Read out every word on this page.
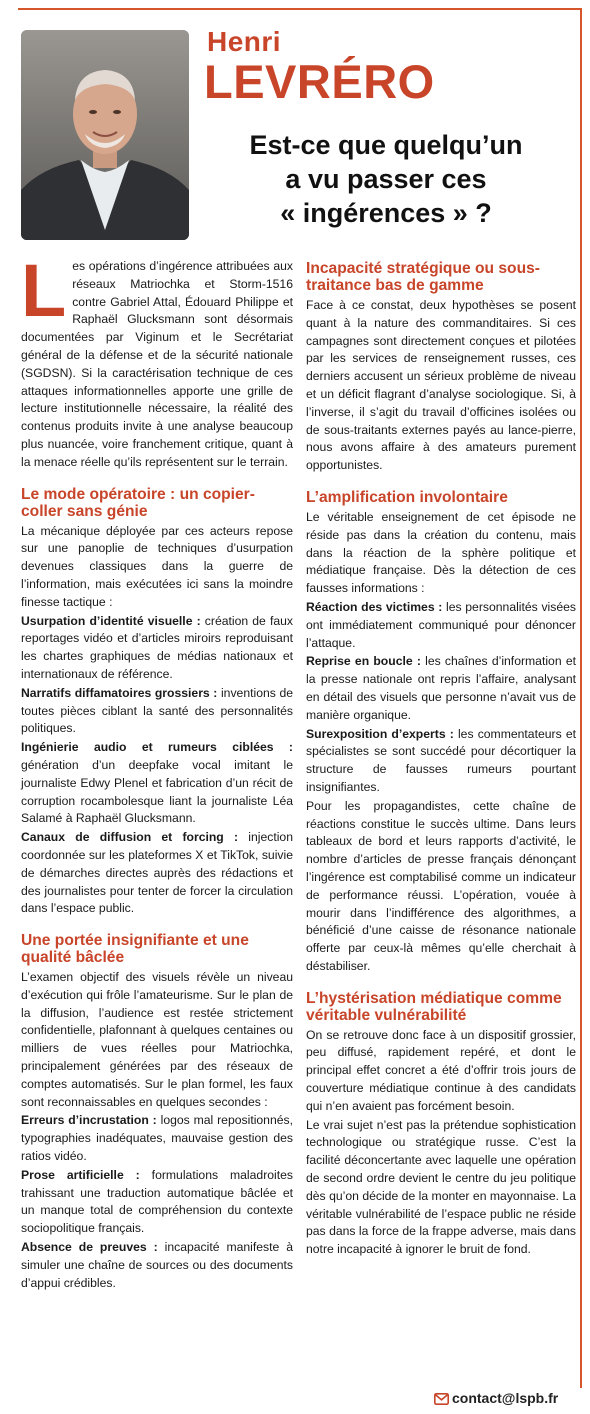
Henri
LEVRÉRO
Est-ce que quelqu’un
a vu passer ces
« ingérences » ?

Les opérations d’ingérence attribuées aux réseaux Matriochka et Storm-1516 contre Gabriel Attal, Édouard Philippe et Raphaël Glucksmann sont désormais documentées par Viginum et le Secrétariat général de la défense et de la sécurité nationale (SGDSN). Si la caractérisation technique de ces attaques informationnelles apporte une grille de lecture institutionnelle nécessaire, la réalité des contenus produits invite à une analyse beaucoup plus nuancée, voire franchement critique, quant à la menace réelle qu’ils représentent sur le terrain.

Le mode opératoire : un copier-coller sans génie

La mécanique déployée par ces acteurs repose sur une panoplie de techniques d’usurpation devenues classiques dans la guerre de l’information, mais exécutées ici sans la moindre finesse tactique :

Usurpation d’identité visuelle : création de faux reportages vidéo et d’articles miroirs reproduisant les chartes graphiques de médias nationaux et internationaux de référence.

Narratifs diffamatoires grossiers : inventions de toutes pièces ciblant la santé des personnalités politiques.

Ingénierie audio et rumeurs ciblées : génération d’un deepfake vocal imitant le journaliste Edwy Plenel et fabrication d’un récit de corruption rocambolesque liant la journaliste Léa Salamé à Raphaël Glucksmann.

Canaux de diffusion et forcing : injection coordonnée sur les plateformes X et TikTok, suivie de démarches directes auprès des rédactions et des journalistes pour tenter de forcer la circulation dans l’espace public.

Une portée insignifiante et une qualité bâclée

L’examen objectif des visuels révèle un niveau d’exécution qui frôle l’amateurisme. Sur le plan de la diffusion, l’audience est restée strictement confidentielle, plafonnant à quelques centaines ou milliers de vues réelles pour Matriochka, principalement générées par des réseaux de comptes automatisés. Sur le plan formel, les faux sont reconnaissables en quelques secondes :

Erreurs d’incrustation : logos mal repositionnés, typographies inadéquates, mauvaise gestion des ratios vidéo.

Prose artificielle : formulations maladroites trahissant une traduction automatique bâclée et un manque total de compréhension du contexte sociopolitique français.

Absence de preuves : incapacité manifeste à simuler une chaîne de sources ou des documents d’appui crédibles.

Incapacité stratégique ou sous-traitance bas de gamme

Face à ce constat, deux hypothèses se posent quant à la nature des commanditaires. Si ces campagnes sont directement conçues et pilotées par les services de renseignement russes, ces derniers accusent un sérieux problème de niveau et un déficit flagrant d’analyse sociologique. Si, à l’inverse, il s’agit du travail d’officines isolées ou de sous-traitants externes payés au lance-pierre, nous avons affaire à des amateurs purement opportunistes.

L’amplification involontaire

Le véritable enseignement de cet épisode ne réside pas dans la création du contenu, mais dans la réaction de la sphère politique et médiatique française. Dès la détection de ces fausses informations :

Réaction des victimes : les personnalités visées ont immédiatement communiqué pour dénoncer l’attaque.

Reprise en boucle : les chaînes d’information et la presse nationale ont repris l’affaire, analysant en détail des visuels que personne n’avait vus de manière organique.

Surexposition d’experts : les commentateurs et spécialistes se sont succédé pour décortiquer la structure de fausses rumeurs pourtant insignifiantes.

Pour les propagandistes, cette chaîne de réactions constitue le succès ultime. Dans leurs tableaux de bord et leurs rapports d’activité, le nombre d’articles de presse français dénonçant l’ingérence est comptabilisé comme un indicateur de performance réussi. L’opération, vouée à mourir dans l’indifférence des algorithmes, a bénéficié d’une caisse de résonance nationale offerte par ceux-là mêmes qu’elle cherchait à déstabiliser.

L’hystérisation médiatique comme véritable vulnérabilité

On se retrouve donc face à un dispositif grossier, peu diffusé, rapidement repéré, et dont le principal effet concret a été d’offrir trois jours de couverture médiatique continue à des candidats qui n’en avaient pas forcément besoin.

Le vrai sujet n’est pas la prétendue sophistication technologique ou stratégique russe. C’est la facilité déconcertante avec laquelle une opération de second ordre devient le centre du jeu politique dès qu’on décide de la monter en mayonnaise. La véritable vulnérabilité de l’espace public ne réside pas dans la force de la frappe adverse, mais dans notre incapacité à ignorer le bruit de fond.

contact@lspb.fr
